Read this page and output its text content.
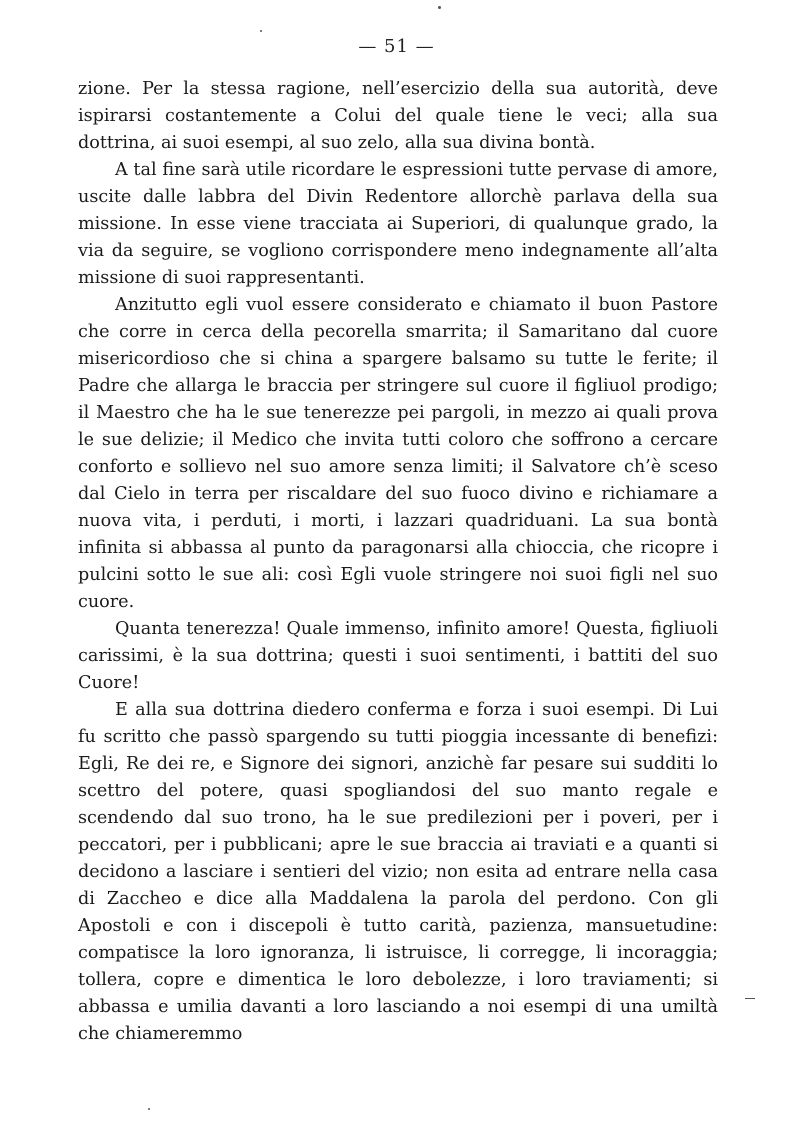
— 51 —

zione. Per la stessa ragione, nell’esercizio della sua autorità, deve ispirarsi costantemente a Colui del quale tiene le veci; alla sua dottrina, ai suoi esempi, al suo zelo, alla sua divina bontà.

A tal fine sarà utile ricordare le espressioni tutte pervase di amore, uscite dalle labbra del Divin Redentore allorchè parlava della sua missione. In esse viene tracciata ai Superiori, di qualunque grado, la via da seguire, se vogliono corrispondere meno indegnamente all’alta missione di suoi rappresentanti.

Anzitutto egli vuol essere considerato e chiamato il buon Pastore che corre in cerca della pecorella smarrita; il Samaritano dal cuore misericordioso che si china a spargere balsamo su tutte le ferite; il Padre che allarga le braccia per stringere sul cuore il figliuol prodigo; il Maestro che ha le sue tenerezze pei pargoli, in mezzo ai quali prova le sue delizie; il Medico che invita tutti coloro che soffrono a cercare conforto e sollievo nel suo amore senza limiti; il Salvatore ch’è sceso dal Cielo in terra per riscaldare del suo fuoco divino e richiamare a nuova vita, i perduti, i morti, i lazzari quadriduani. La sua bontà infinita si abbassa al punto da paragonarsi alla chioccia, che ricopre i pulcini sotto le sue ali: così Egli vuole stringere noi suoi figli nel suo cuore.

Quanta tenerezza! Quale immenso, infinito amore! Questa, figliuoli carissimi, è la sua dottrina; questi i suoi sentimenti, i battiti del suo Cuore!

E alla sua dottrina diedero conferma e forza i suoi esempi. Di Lui fu scritto che passò spargendo su tutti pioggia incessante di benefizi: Egli, Re dei re, e Signore dei signori, anzichè far pesare sui sudditi lo scettro del potere, quasi spogliandosi del suo manto regale e scendendo dal suo trono, ha le sue predilezioni per i poveri, per i peccatori, per i pubblicani; apre le sue braccia ai traviati e a quanti si decidono a lasciare i sentieri del vizio; non esita ad entrare nella casa di Zaccheo e dice alla Maddalena la parola del perdono. Con gli Apostoli e con i discepoli è tutto carità, pazienza, mansuetudine: compatisce la loro ignoranza, li istruisce, li corregge, li incoraggia; tollera, copre e dimentica le loro debolezze, i loro traviamenti; si abbassa e umilia davanti a loro lasciando a noi esempi di una umiltà che chiameremmo
